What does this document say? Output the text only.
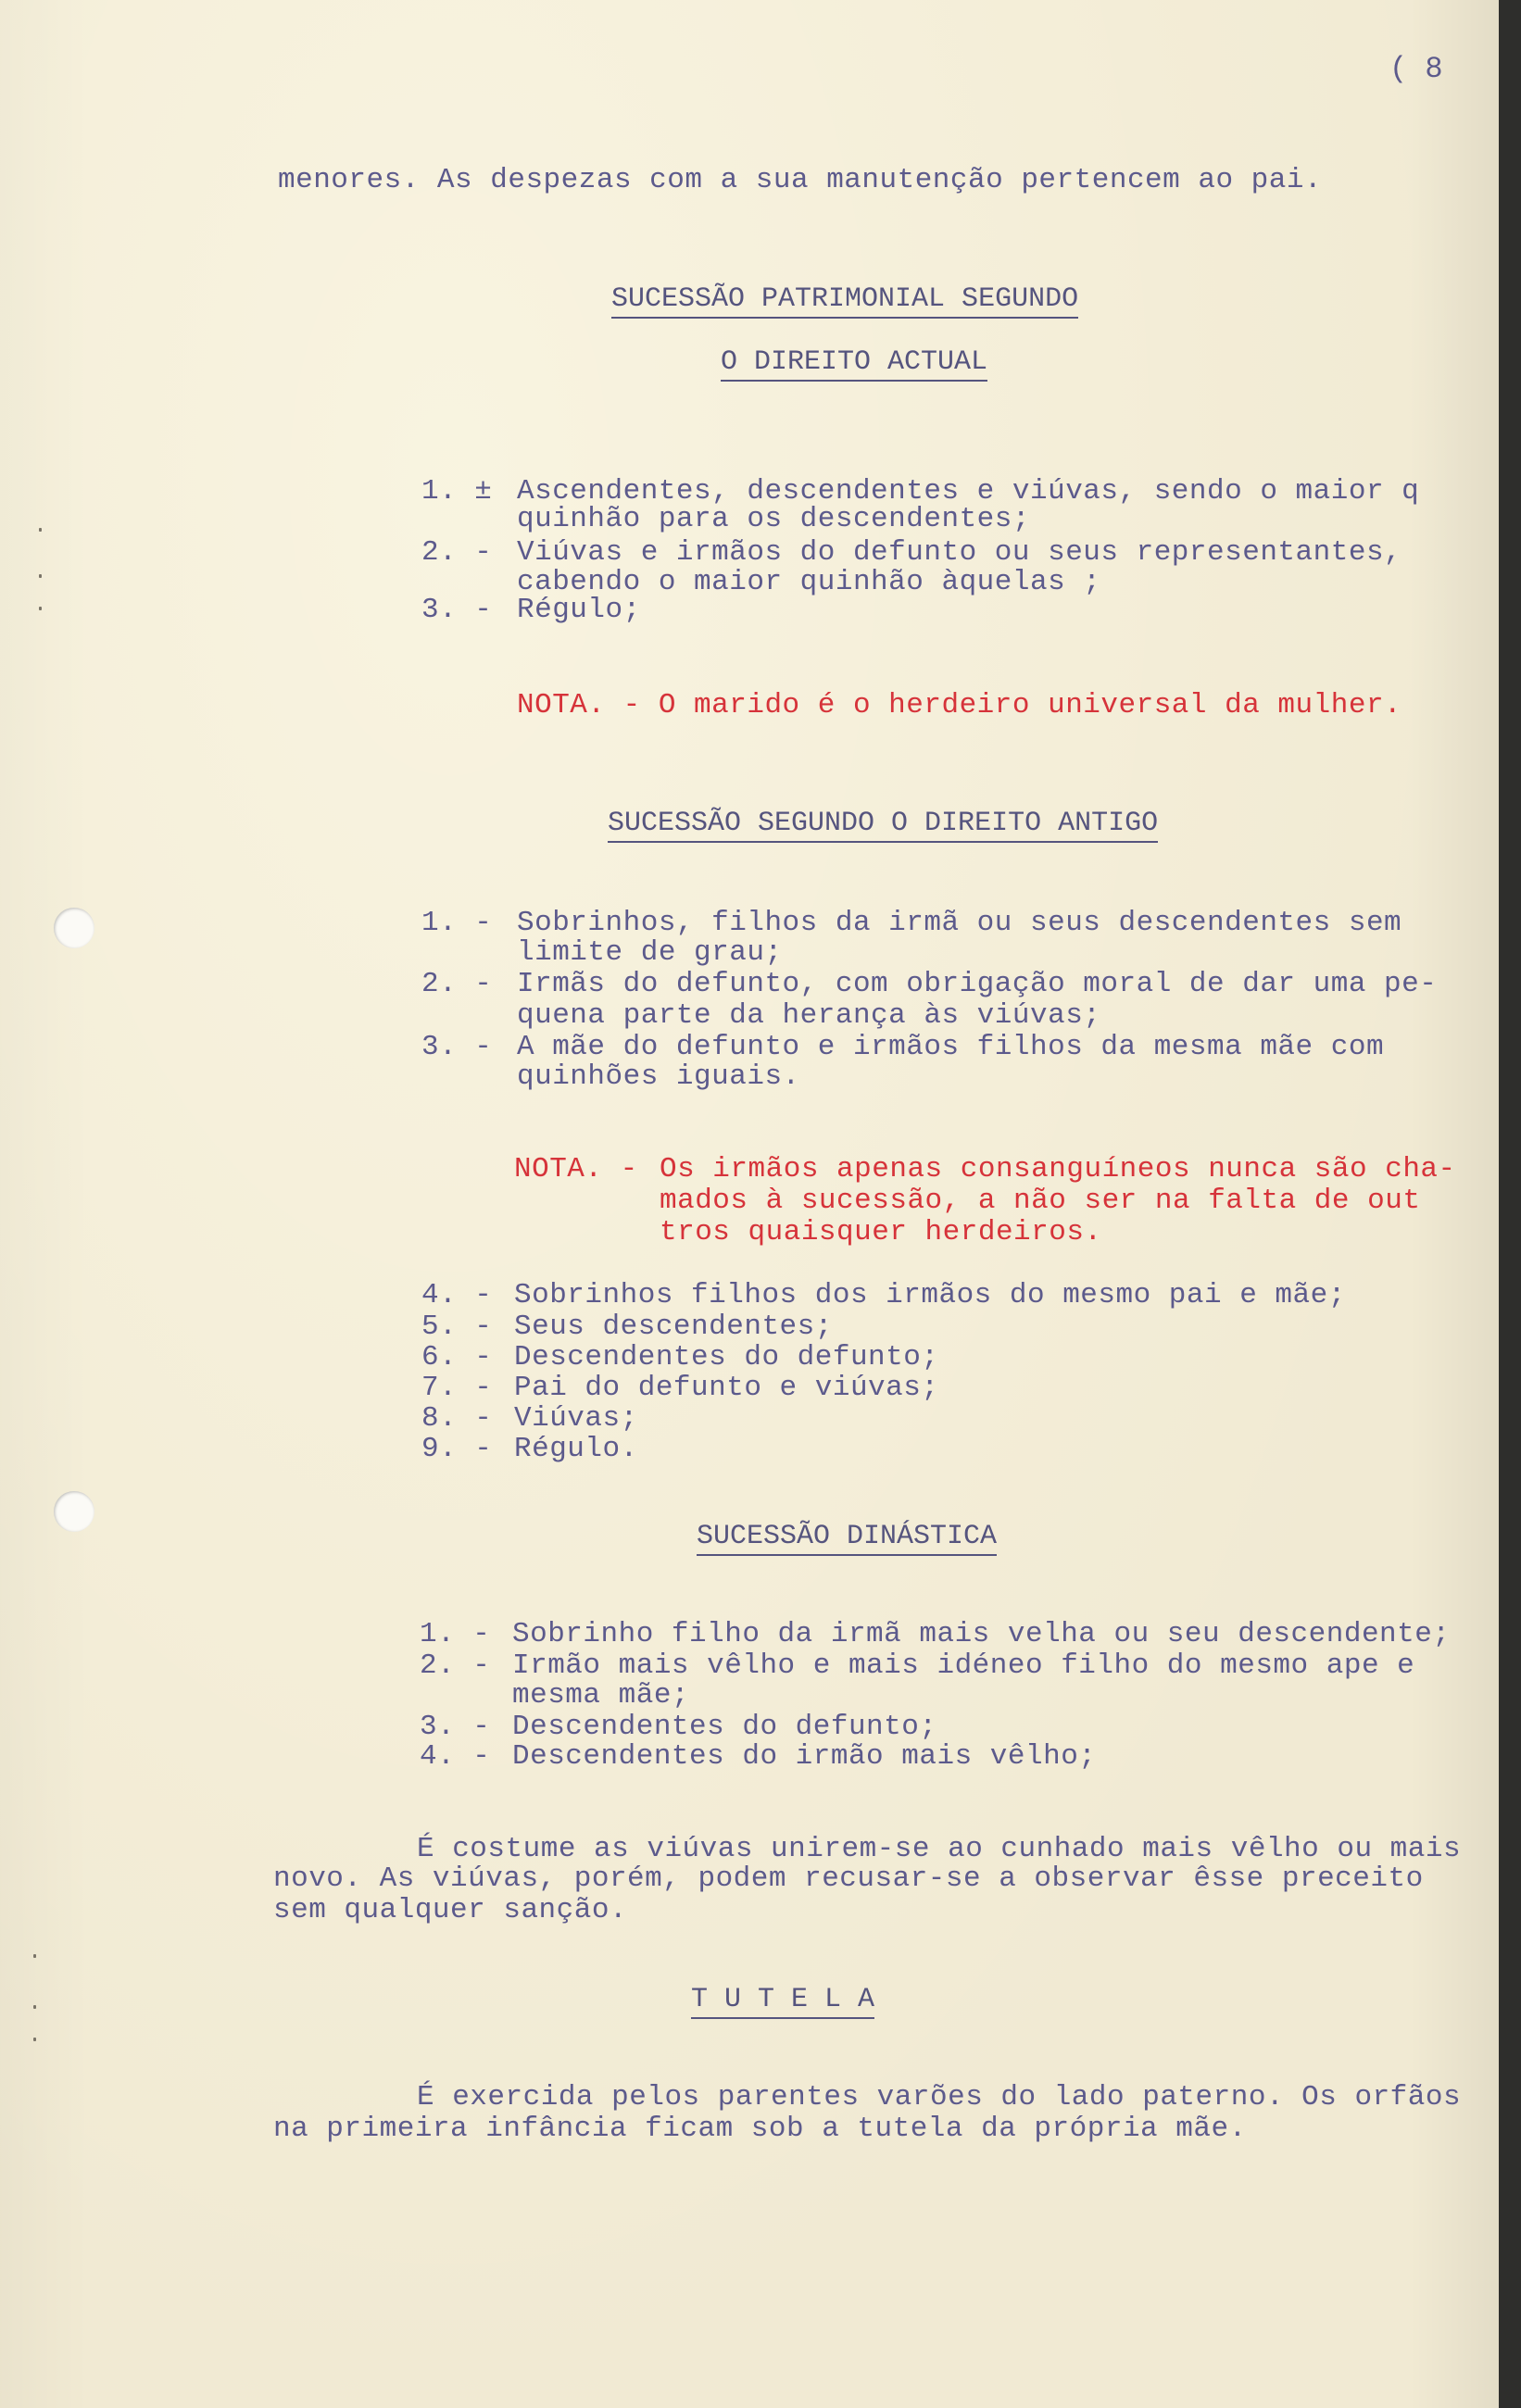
( 8

menores. As despezas com a sua manutenção pertencem ao pai.

SUCESSÃO PATRIMONIAL SEGUNDO

O DIREITO ACTUAL

1. ± Ascendentes, descendentes e viúvas, sendo o maior q

quinhão para os descendentes;

2. - Viúvas e irmãos do defunto ou seus representantes,

cabendo o maior quinhão àquelas ;

3. - Régulo;

NOTA. - O marido é o herdeiro universal da mulher.

SUCESSÃO SEGUNDO O DIREITO ANTIGO

1. - Sobrinhos, filhos da irmã ou seus descendentes sem

limite de grau;

2. - Irmãs do defunto, com obrigação moral de dar uma pe-

quena parte da herança às viúvas;

3. - A mãe do defunto e irmãos filhos da mesma mãe com

quinhões iguais.

NOTA. - Os irmãos apenas consanguíneos nunca são cha-

mados à sucessão, a não ser na falta de out

tros quaisquer herdeiros.

4. - Sobrinhos filhos dos irmãos do mesmo pai e mãe;

5. - Seus descendentes;

6. - Descendentes do defunto;

7. - Pai do defunto e viúvas;

8. - Viúvas;

9. - Régulo.

SUCESSÃO DINÁSTICA

1. - Sobrinho filho da irmã mais velha ou seu descendente;

2. - Irmão mais vêlho e mais idéneo filho do mesmo ape e

mesma mãe;

3. - Descendentes do defunto;

4. - Descendentes do irmão mais vêlho;

É costume as viúvas unirem-se ao cunhado mais vêlho ou mais

novo. As viúvas, porém, podem recusar-se a observar êsse preceito

sem qualquer sanção.

T U T E L A

É exercida pelos parentes varões do lado paterno. Os orfãos

na primeira infância ficam sob a tutela da própria mãe.
